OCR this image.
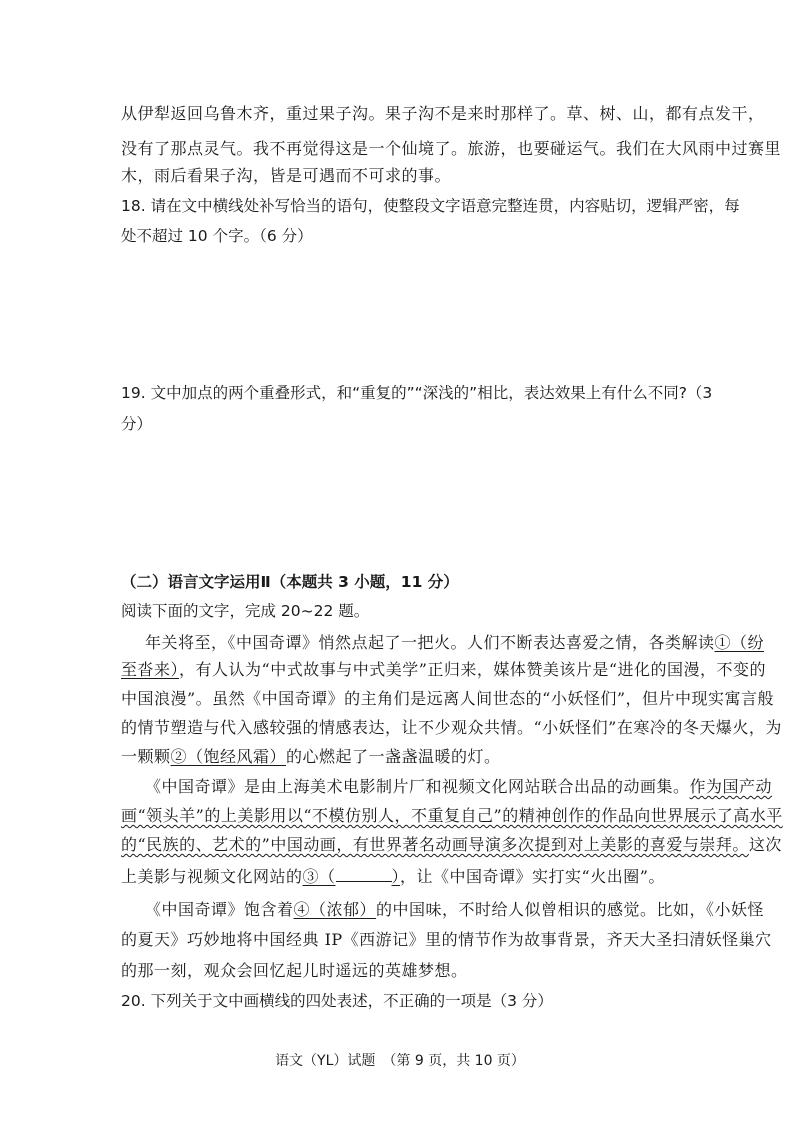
从伊犁返回乌鲁木齐，重过果子沟。果子沟不是来时那样了。草、树、山，都有点发干，
没有了那点灵气。我不再觉得这是一个仙境了。旅游，也要碰运气。我们在大风雨中过赛里
木，雨后看果子沟，皆是可遇而不可求的事。
18. 请在文中横线处补写恰当的语句，使整段文字语意完整连贯，内容贴切，逻辑严密，每
处不超过 10 个字。（6 分）
19. 文中加点的两个重叠形式，和“重复的”“深浅的”相比，表达效果上有什么不同?（3
分）
（二）语言文字运用Ⅱ（本题共 3 小题，11 分）
阅读下面的文字，完成 20~22 题。
年关将至，《中国奇谭》悄然点起了一把火。人们不断表达喜爱之情，各类解读①（纷
至沓来），有人认为“中式故事与中式美学”正归来，媒体赞美该片是“进化的国漫，不变的
中国浪漫”。虽然《中国奇谭》的主角们是远离人间世态的“小妖怪们”，但片中现实寓言般
的情节塑造与代入感较强的情感表达，让不少观众共情。“小妖怪们”在寒冷的冬天爆火，为
一颗颗②（饱经风霜）的心燃起了一盏盏温暖的灯。
《中国奇谭》是由上海美术电影制片厂和视频文化网站联合出品的动画集。作为国产动
画“领头羊”的上美影用以“不模仿别人，不重复自己”的精神创作的作品向世界展示了高水平
的“民族的、艺术的”中国动画，有世界著名动画导演多次提到对上美影的喜爱与崇拜。这次
上美影与视频文化网站的③（	），让《中国奇谭》实打实“火出圈”。
《中国奇谭》饱含着④（浓郁）的中国味，不时给人似曾相识的感觉。比如，《小妖怪
的夏天》巧妙地将中国经典 IP《西游记》里的情节作为故事背景，齐天大圣扫清妖怪巢穴
的那一刻，观众会回忆起儿时遥远的英雄梦想。
20. 下列关于文中画横线的四处表述，不正确的一项是（3 分）
语文（YL）试题　（第 9 页，共 10 页）
